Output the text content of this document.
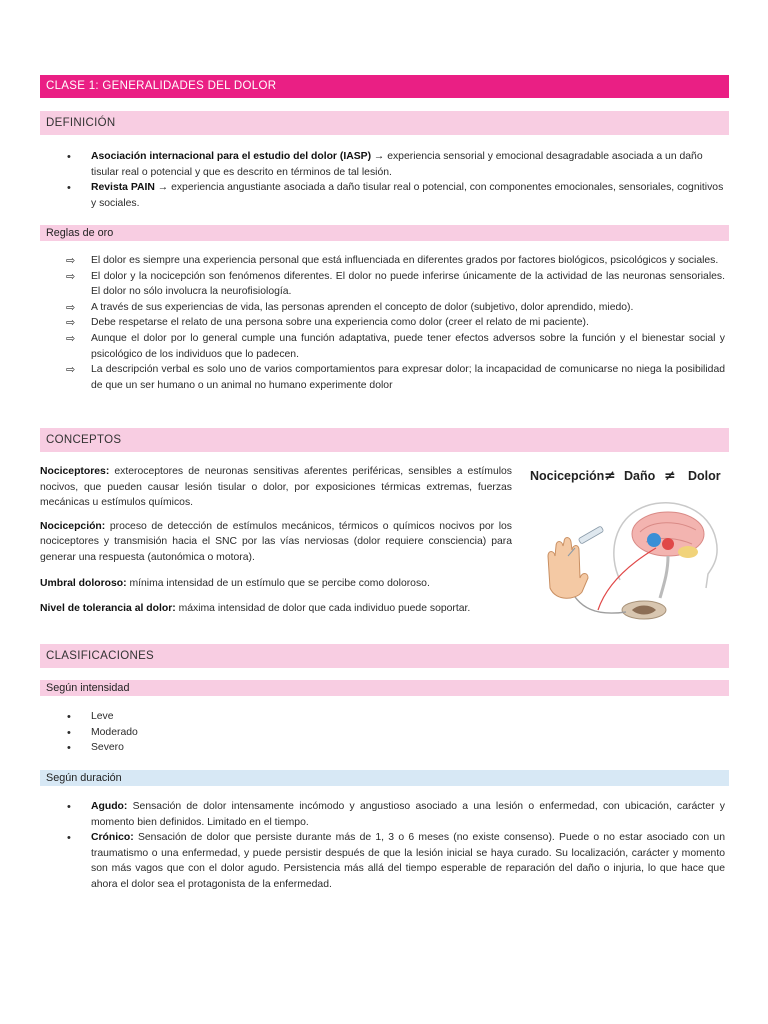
CLASE 1: GENERALIDADES DEL DOLOR
DEFINICIÓN
• Asociación internacional para el estudio del dolor (IASP) → experiencia sensorial y emocional desagradable asociada a un daño tisular real o potencial y que es descrito en términos de tal lesión.
• Revista PAIN → experiencia angustiante asociada a daño tisular real o potencial, con componentes emocionales, sensoriales, cognitivos y sociales.
Reglas de oro
⇨ El dolor es siempre una experiencia personal que está influenciada en diferentes grados por factores biológicos, psicológicos y sociales.
⇨ El dolor y la nocicepción son fenómenos diferentes. El dolor no puede inferirse únicamente de la actividad de las neuronas sensoriales. El dolor no sólo involucra la neurofisiología.
⇨ A través de sus experiencias de vida, las personas aprenden el concepto de dolor (subjetivo, dolor aprendido, miedo).
⇨ Debe respetarse el relato de una persona sobre una experiencia como dolor (creer el relato de mi paciente).
⇨ Aunque el dolor por lo general cumple una función adaptativa, puede tener efectos adversos sobre la función y el bienestar social y psicológico de los individuos que lo padecen.
⇨ La descripción verbal es solo uno de varios comportamientos para expresar dolor; la incapacidad de comunicarse no niega la posibilidad de que un ser humano o un animal no humano experimente dolor
CONCEPTOS

Nociceptores: exteroceptores de neuronas sensitivas aferentes periféricas, sensibles a estímulos nocivos, que pueden causar lesión tisular o dolor, por exposiciones térmicas extremas, fuerzas mecánicas u estímulos químicos.

Nocicepción: proceso de detección de estímulos mecánicos, térmicos o químicos nocivos por los nociceptores y transmisión hacia el SNC por las vías nerviosas (dolor requiere consciencia) para generar una respuesta (autonómica o motora).

Umbral doloroso: mínima intensidad de un estímulo que se percibe como doloroso.

Nivel de tolerancia al dolor: máxima intensidad de dolor que cada individuo puede soportar.

Nocicepción ≠ Daño ≠ Dolor
CLASIFICACIONES
Según intensidad
• Leve
• Moderado
• Severo
Según duración
• Agudo: Sensación de dolor intensamente incómodo y angustioso asociado a una lesión o enfermedad, con ubicación, carácter y momento bien definidos. Limitado en el tiempo.
• Crónico: Sensación de dolor que persiste durante más de 1, 3 o 6 meses (no existe consenso). Puede o no estar asociado con un traumatismo o una enfermedad, y puede persistir después de que la lesión inicial se haya curado. Su localización, carácter y momento son más vagos que con el dolor agudo. Persistencia más allá del tiempo esperable de reparación del daño o injuria, lo que hace que ahora el dolor sea el protagonista de la enfermedad.
